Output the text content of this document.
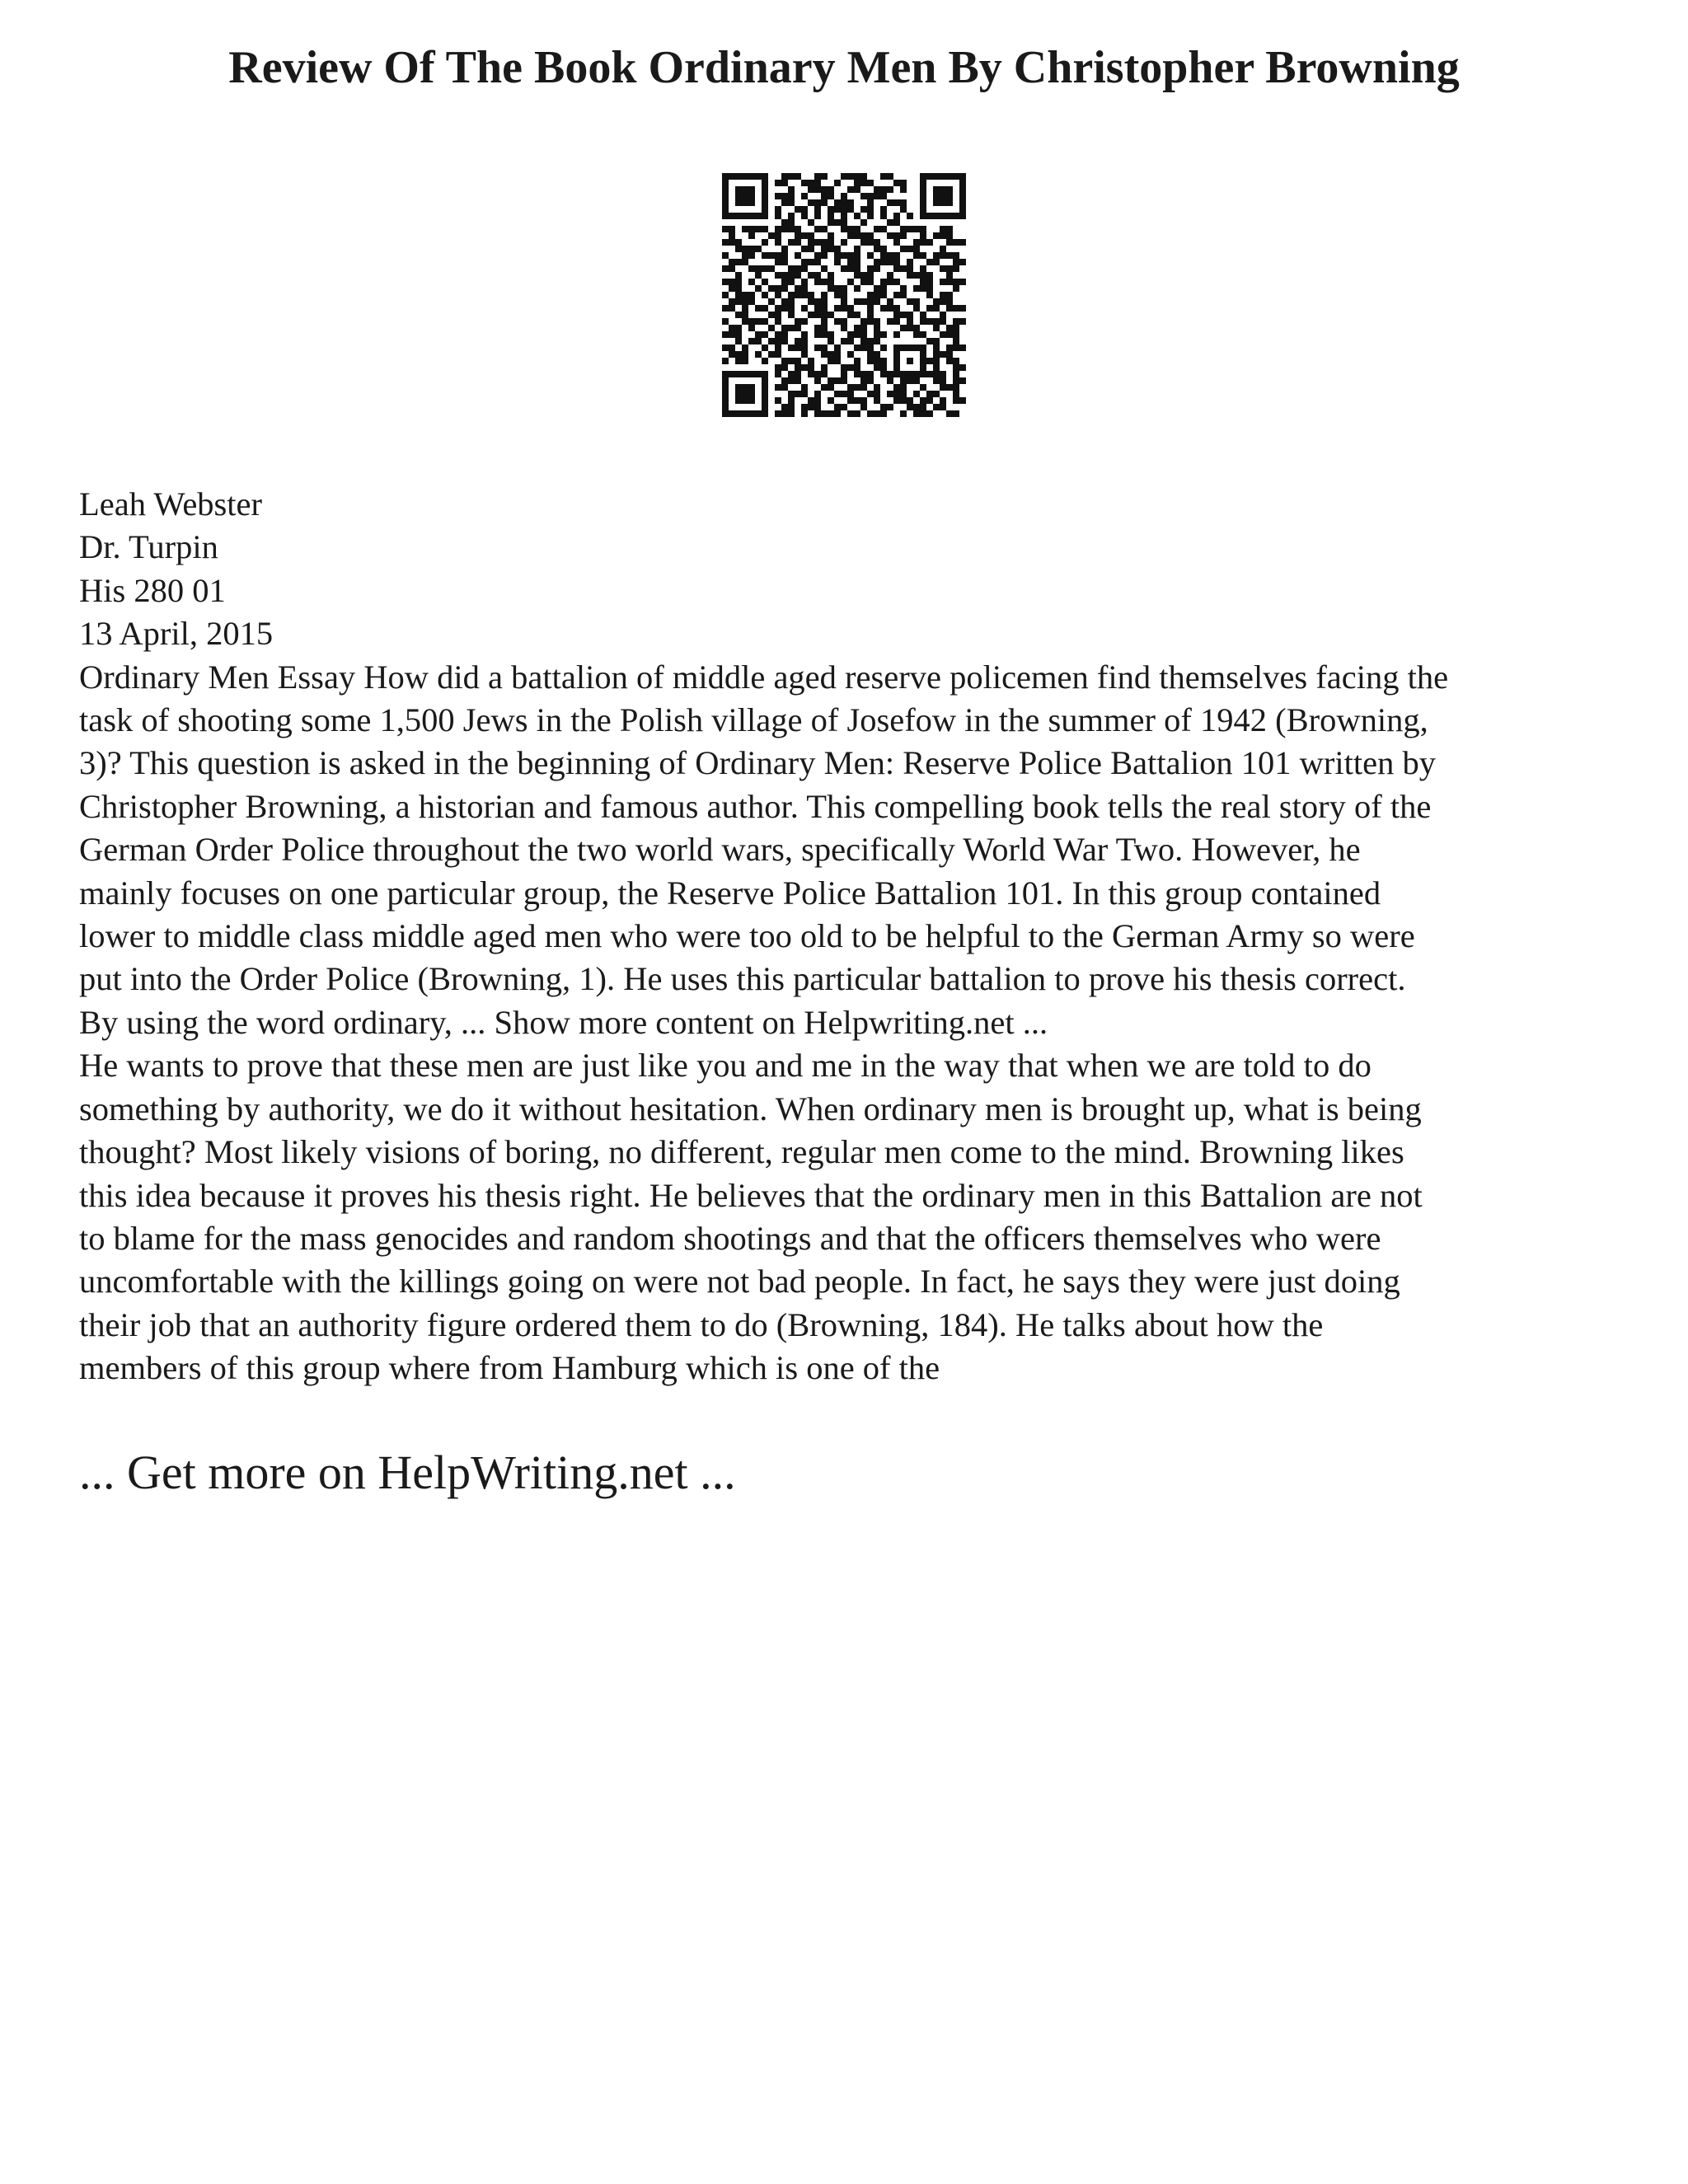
Review Of The Book Ordinary Men By Christopher Browning
Leah Webster
Dr. Turpin
His 280 01
13 April, 2015

Ordinary Men Essay How did a battalion of middle aged reserve policemen find themselves facing the
task of shooting some 1,500 Jews in the Polish village of Josefow in the summer of 1942 (Browning,
3)? This question is asked in the beginning of Ordinary Men: Reserve Police Battalion 101 written by
Christopher Browning, a historian and famous author. This compelling book tells the real story of the
German Order Police throughout the two world wars, specifically World War Two. However, he
mainly focuses on one particular group, the Reserve Police Battalion 101. In this group contained
lower to middle class middle aged men who were too old to be helpful to the German Army so were
put into the Order Police (Browning, 1). He uses this particular battalion to prove his thesis correct.
By using the word ordinary, ... Show more content on Helpwriting.net ...

He wants to prove that these men are just like you and me in the way that when we are told to do
something by authority, we do it without hesitation. When ordinary men is brought up, what is being
thought? Most likely visions of boring, no different, regular men come to the mind. Browning likes
this idea because it proves his thesis right. He believes that the ordinary men in this Battalion are not
to blame for the mass genocides and random shootings and that the officers themselves who were
uncomfortable with the killings going on were not bad people. In fact, he says they were just doing
their job that an authority figure ordered them to do (Browning, 184). He talks about how the
members of this group where from Hamburg which is one of the

... Get more on HelpWriting.net ...
